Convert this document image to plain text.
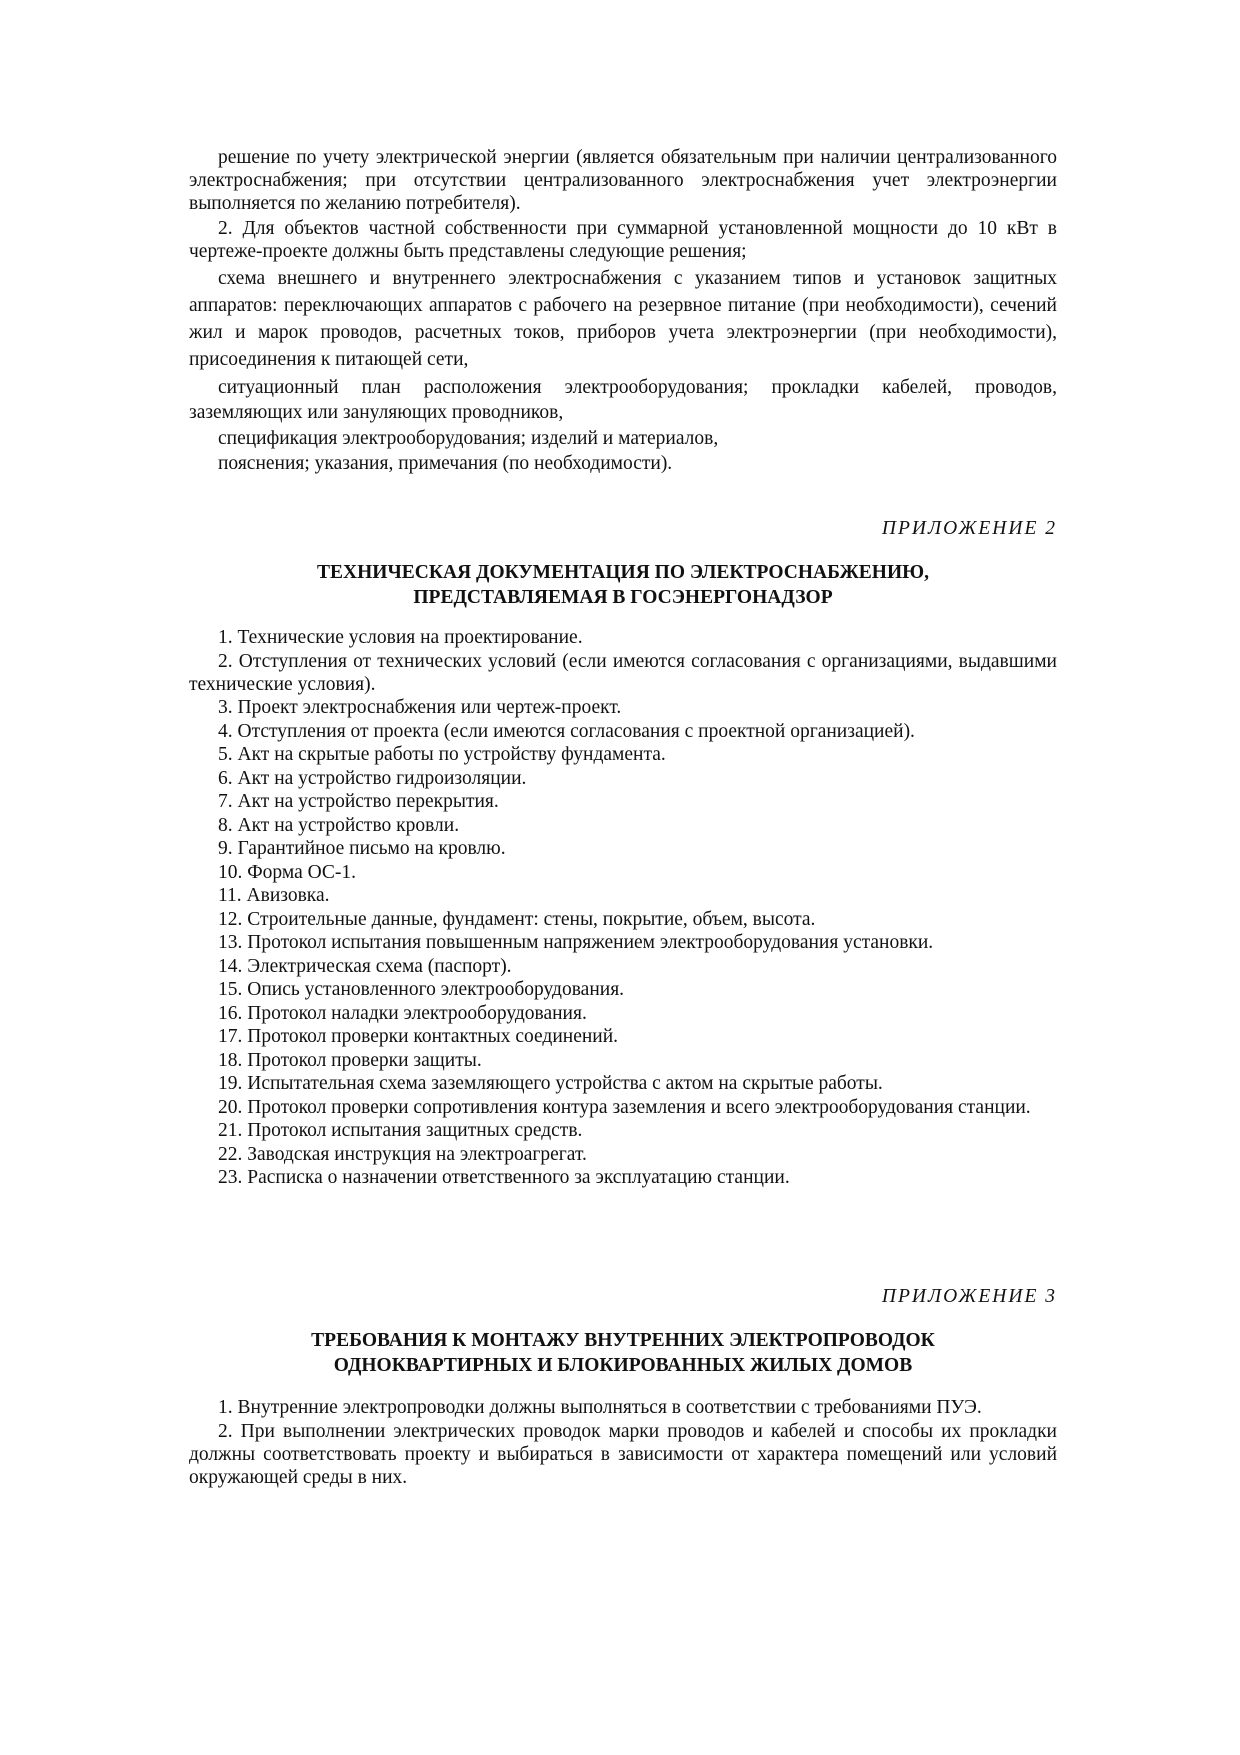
решение по учету электрической энергии (является обязательным при наличии централизованного электроснабжения; при отсутствии централизованного электроснабжения учет электроэнергии выполняется по желанию потребителя).

2. Для объектов частной собственности при суммарной установленной мощности до 10 кВт в чертеже-проекте должны быть представлены следующие решения;

схема внешнего и внутреннего электроснабжения с указанием типов и установок защитных аппаратов: переключающих аппаратов с рабочего на резервное питание (при необходимости), сечений жил и марок проводов, расчетных токов, приборов учета электроэнергии (при необходимости), присоединения к питающей сети,

ситуационный план расположения электрооборудования; прокладки кабелей, проводов, заземляющих или зануляющих проводников,

спецификация электрооборудования; изделий и материалов,

пояснения; указания, примечания (по необходимости).

ПРИЛОЖЕНИЕ 2

ТЕХНИЧЕСКАЯ ДОКУМЕНТАЦИЯ ПО ЭЛЕКТРОСНАБЖЕНИЮ,

ПРЕДСТАВЛЯЕМАЯ В ГОСЭНЕРГОНАДЗОР

1. Технические условия на проектирование.

2. Отступления от технических условий (если имеются согласования с организациями, выдавшими технические условия).

3. Проект электроснабжения или чертеж-проект.

4. Отступления от проекта (если имеются согласования с проектной организацией).

5. Акт на скрытые работы по устройству фундамента.

6. Акт на устройство гидроизоляции.

7. Акт на устройство перекрытия.

8. Акт на устройство кровли.

9. Гарантийное письмо на кровлю.

10. Форма ОС-1.

11. Авизовка.

12. Строительные данные, фундамент: стены, покрытие, объем, высота.

13. Протокол испытания повышенным напряжением электрооборудования установки.

14. Электрическая схема (паспорт).

15. Опись установленного электрооборудования.

16. Протокол наладки электрооборудования.

17. Протокол проверки контактных соединений.

18. Протокол проверки защиты.

19. Испытательная схема заземляющего устройства с актом на скрытые работы.

20. Протокол проверки сопротивления контура заземления и всего электрооборудования станции.

21. Протокол испытания защитных средств.

22. Заводская инструкция на электроагрегат.

23. Расписка о назначении ответственного за эксплуатацию станции.

ПРИЛОЖЕНИЕ 3

ТРЕБОВАНИЯ К МОНТАЖУ ВНУТРЕННИХ ЭЛЕКТРОПРОВОДОК

ОДНОКВАРТИРНЫХ И БЛОКИРОВАННЫХ ЖИЛЫХ ДОМОВ

1. Внутренние электропроводки должны выполняться в соответствии с требованиями ПУЭ.

2. При выполнении электрических проводок марки проводов и кабелей и способы их прокладки должны соответствовать проекту и выбираться в зависимости от характера помещений или условий окружающей среды в них.
